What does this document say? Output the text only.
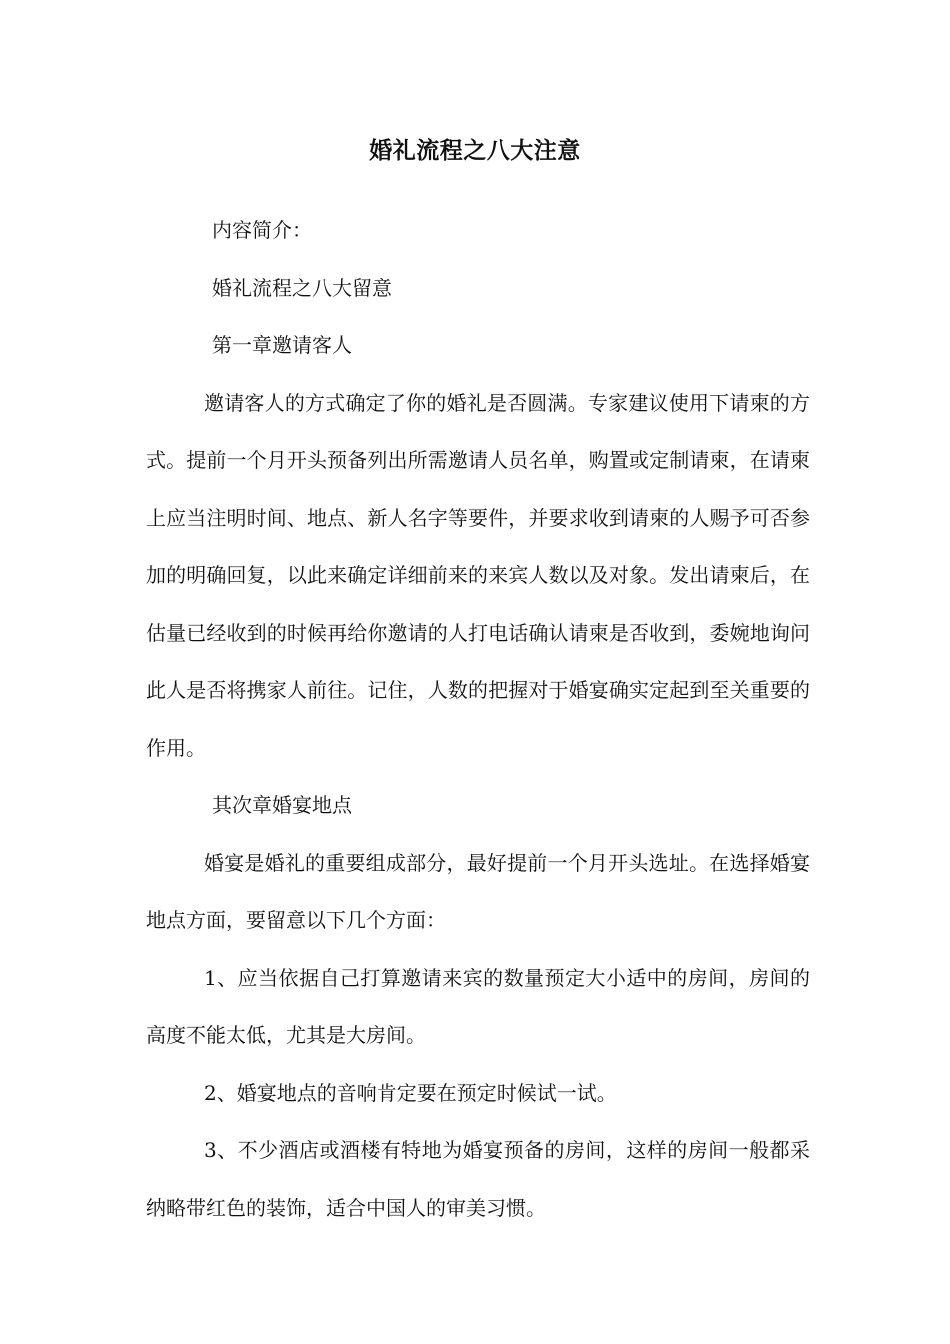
婚礼流程之八大注意

内容简介：

婚礼流程之八大留意

第一章邀请客人

邀请客人的方式确定了你的婚礼是否圆满。专家建议使用下请柬的方式。提前一个月开头预备列出所需邀请人员名单，购置或定制请柬，在请柬上应当注明时间、地点、新人名字等要件，并要求收到请柬的人赐予可否参加的明确回复，以此来确定详细前来的来宾人数以及对象。发出请柬后，在估量已经收到的时候再给你邀请的人打电话确认请柬是否收到，委婉地询问此人是否将携家人前往。记住，人数的把握对于婚宴确实定起到至关重要的作用。

其次章婚宴地点

婚宴是婚礼的重要组成部分，最好提前一个月开头选址。在选择婚宴地点方面，要留意以下几个方面：

1、应当依据自己打算邀请来宾的数量预定大小适中的房间，房间的高度不能太低，尤其是大房间。

2、婚宴地点的音响肯定要在预定时候试一试。

3、不少酒店或酒楼有特地为婚宴预备的房间，这样的房间一般都采纳略带红色的装饰，适合中国人的审美习惯。
